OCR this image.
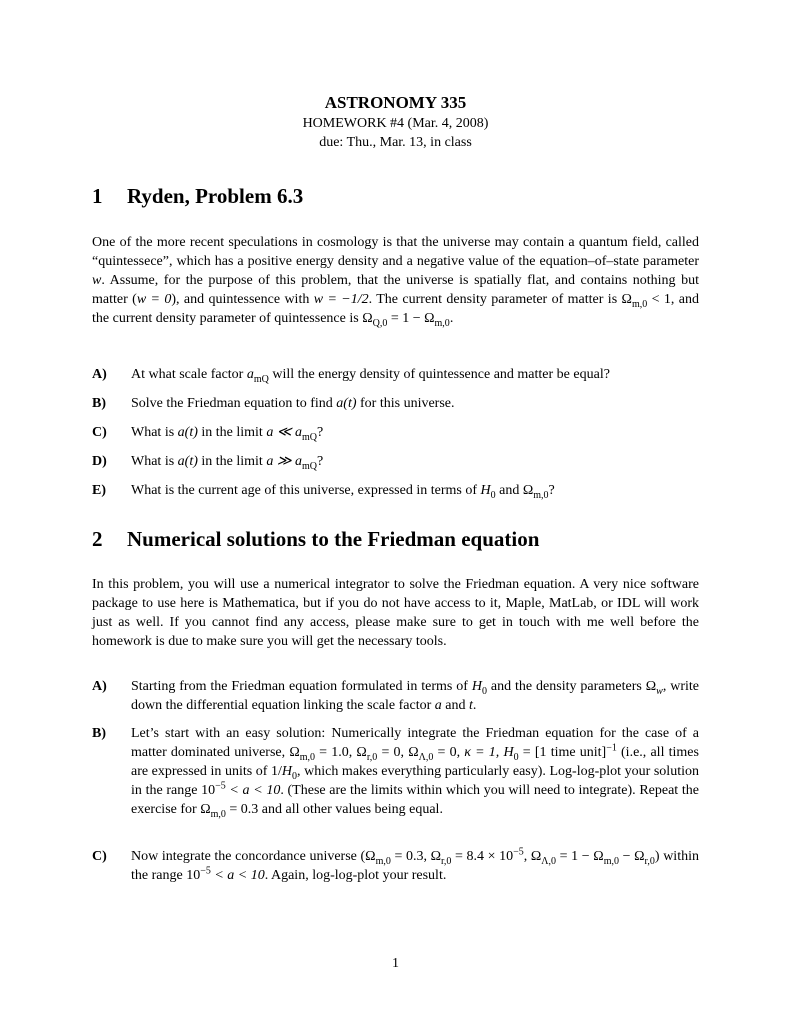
ASTRONOMY 335
HOMEWORK #4 (Mar. 4, 2008)
due: Thu., Mar. 13, in class
1 Ryden, Problem 6.3

One of the more recent speculations in cosmology is that the universe may contain a quantum field, called “quintessece”, which has a positive energy density and a negative value of the equation–of–state parameter w. Assume, for the purpose of this problem, that the universe is spatially flat, and contains nothing but matter (w = 0), and quintessence with w = −1/2. The current density parameter of matter is $\Omega_{m,0} < 1$, and the current density parameter of quintessence is $\Omega_{Q,0} = 1 - \Omega_{m,0}$.

A) At what scale factor $a_{mQ}$ will the energy density of quintessence and matter be equal?
B) Solve the Friedman equation to find a(t) for this universe.
C) What is a(t) in the limit a ≪ $a_{mQ}$?
D) What is a(t) in the limit a ≫ $a_{mQ}$?
E) What is the current age of this universe, expressed in terms of $H_0$ and $\Omega_{m,0}$?
2 Numerical solutions to the Friedman equation

In this problem, you will use a numerical integrator to solve the Friedman equation. A very nice software package to use here is Mathematica, but if you do not have access to it, Maple, MatLab, or IDL will work just as well. If you cannot find any access, please make sure to get in touch with me well before the homework is due to make sure you will get the necessary tools.

A) Starting from the Friedman equation formulated in terms of $H_0$ and the density parameters $\Omega_w$, write down the differential equation linking the scale factor a and t.
B) Let’s start with an easy solution: Numerically integrate the Friedman equation for the case of a matter dominated universe, $\Omega_{m,0} = 1.0$, $\Omega_{r,0} = 0$, $\Omega_{\Lambda,0} = 0$, κ = 1, $H_0 = [1$ time unit]$^{-1}$ (i.e., all times are expressed in units of $1/H_0$, which makes everything particularly easy). Log-log-plot your solution in the range $10^{-5} < a < 10$. (These are the limits within which you will need to integrate). Repeat the exercise for $\Omega_{m,0} = 0.3$ and all other values being equal.
C) Now integrate the concordance universe ($\Omega_{m,0} = 0.3$, $\Omega_{r,0} = 8.4 \times 10^{-5}$, $\Omega_{\Lambda,0} = 1 - \Omega_{m,0} - \Omega_{r,0}$) within the range $10^{-5} < a < 10$. Again, log-log-plot your result.
1
